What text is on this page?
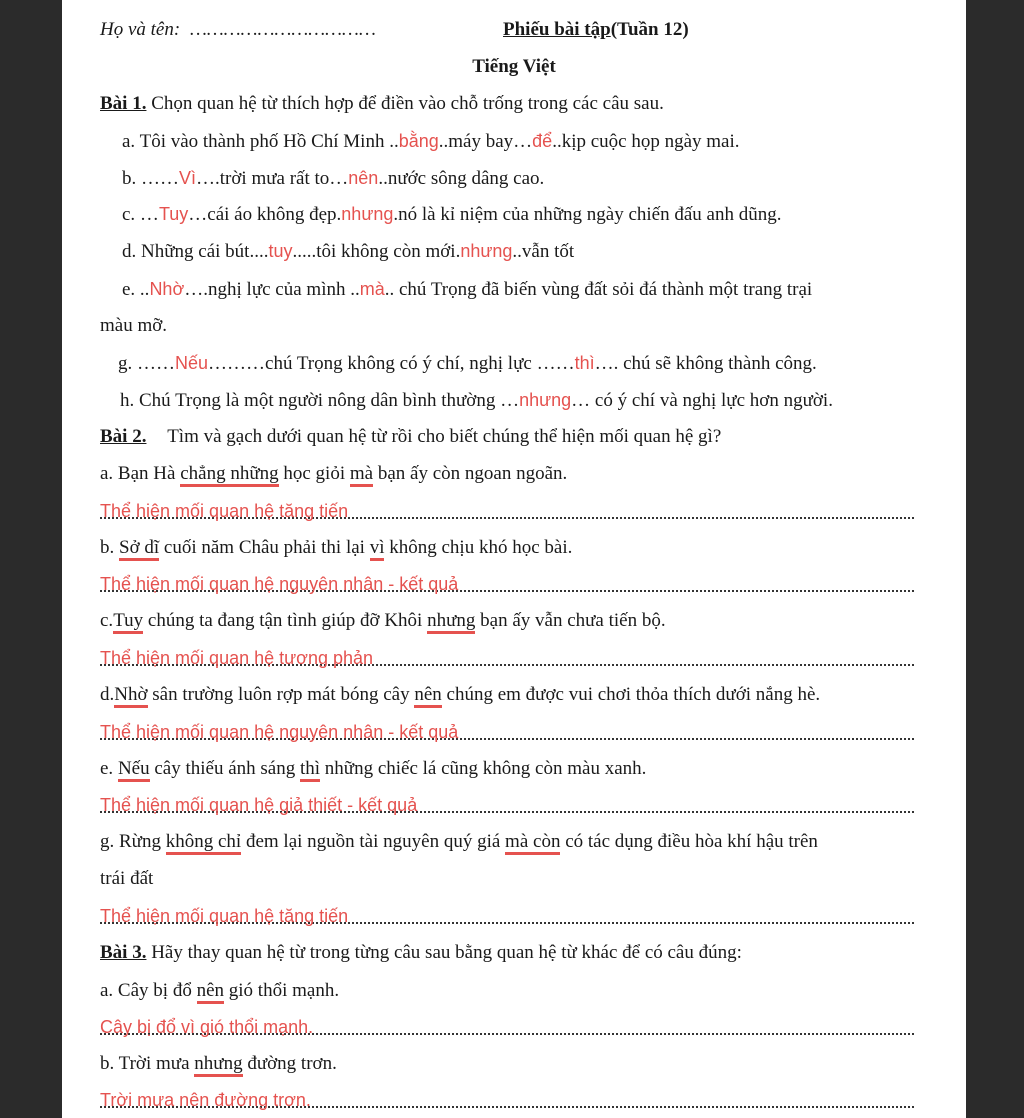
Họ và tên: ……………………………	Phiếu bài tập(Tuần 12)
Tiếng Việt
Bài 1. Chọn quan hệ từ thích hợp để điền vào chỗ trống trong các câu sau.
a. Tôi vào thành phố Hồ Chí Minh ..bằng..máy bay…để..kịp cuộc họp ngày mai.
b. ……Vì….trời mưa rất to…nên..nước sông dâng cao.
c. …Tuy…cái áo không đẹp.nhưng.nó là kỉ niệm của những ngày chiến đấu anh dũng.
d. Những cái bút....tuy.....tôi không còn mới.nhưng..vẫn tốt
e. ..Nhờ….nghị lực của mình ..mà.. chú Trọng đã biến vùng đất sỏi đá thành một trang trại
màu mỡ.
g. ……Nếu………chú Trọng không có ý chí, nghị lực ……thì…. chú sẽ không thành công.
h. Chú Trọng là một người nông dân bình thường …nhưng… có ý chí và nghị lực hơn người.
Bài 2. Tìm và gạch dưới quan hệ từ rồi cho biết chúng thể hiện mối quan hệ gì?
a. Bạn Hà chẳng những học giỏi mà bạn ấy còn ngoan ngoãn.
Thể hiện mối quan hệ tăng tiến
b. Sở dĩ cuối năm Châu phải thi lại vì không chịu khó học bài.
Thể hiện mối quan hệ nguyên nhân - kết quả
c.Tuy chúng ta đang tận tình giúp đỡ Khôi nhưng bạn ấy vẫn chưa tiến bộ.
Thể hiện mối quan hệ tương phản
d.Nhờ sân trường luôn rợp mát bóng cây nên chúng em được vui chơi thỏa thích dưới nắng hè.
Thể hiện mối quan hệ nguyên nhân - kết quả
e. Nếu cây thiếu ánh sáng thì những chiếc lá cũng không còn màu xanh.
Thể hiện mối quan hệ giả thiết - kết quả
g. Rừng không chỉ đem lại nguồn tài nguyên quý giá mà còn có tác dụng điều hòa khí hậu trên
trái đất
Thể hiện mối quan hệ tăng tiến
Bài 3. Hãy thay quan hệ từ trong từng câu sau bằng quan hệ từ khác để có câu đúng:
a. Cây bị đổ nên gió thổi mạnh.
Cây bị đổ vì gió thổi mạnh.
b. Trời mưa nhưng đường trơn.
Trời mưa nên đường trơn.
